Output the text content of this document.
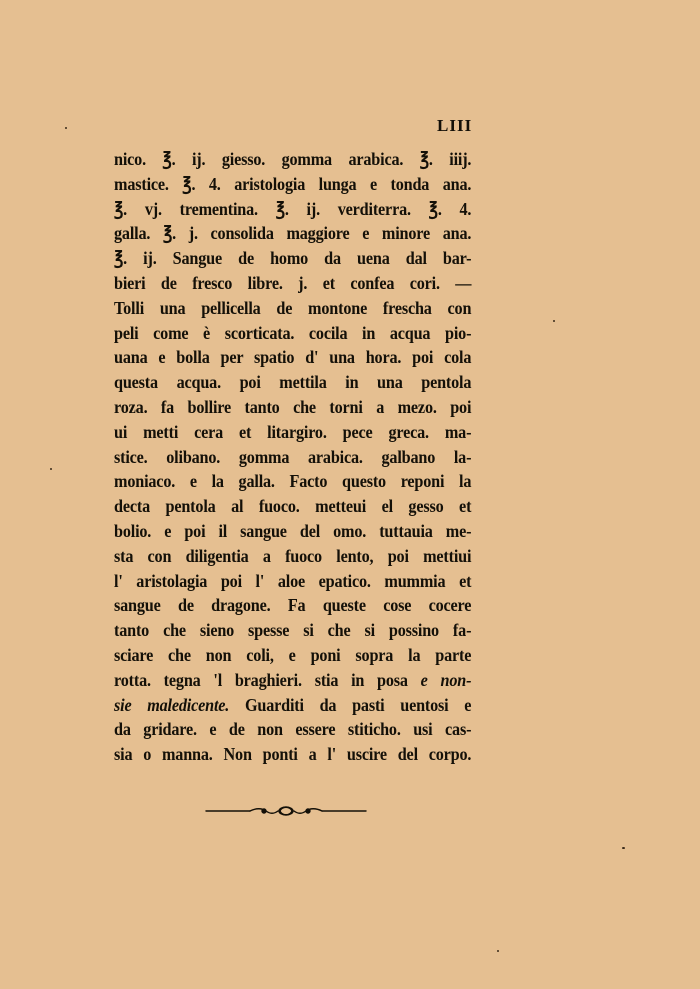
LIII
nico. ℥. ij. giesso. gomma arabica. ℥. iiij.
mastice. ℥. 4. aristologia lunga e tonda ana.
℥. vj. trementina. ℥. ij. verditerra. ℥. 4.
galla. ℥. j. consolida maggiore e minore ana.
℥. ij. Sangue de homo da uena dal bar-
bieri de fresco libre. j. et confea cori. —
Tolli una pellicella de montone frescha con
peli come è scorticata. cocila in acqua pio-
uana e bolla per spatio d' una hora. poi cola
questa acqua. poi mettila in una pentola
roza. fa bollire tanto che torni a mezo. poi
ui metti cera et litargiro. pece greca. ma-
stice. olibano. gomma arabica. galbano la-
moniaco. e la galla. Facto questo reponi la
decta pentola al fuoco. metteui el gesso et
bolio. e poi il sangue del omo. tuttauia me-
sta con diligentia a fuoco lento, poi mettiui
l' aristolagia poi l' aloe epatico. mummia et
sangue de dragone. Fa queste cose cocere
tanto che sieno spesse si che si possino fa-
sciare che non coli, e poni sopra la parte
rotta. tegna 'l braghieri. stia in posa e non-
sie maledicente. Guarditi da pasti uentosi e
da gridare. e de non essere stiticho. usi cas-
sia o manna. Non ponti a l' uscire del corpo.
